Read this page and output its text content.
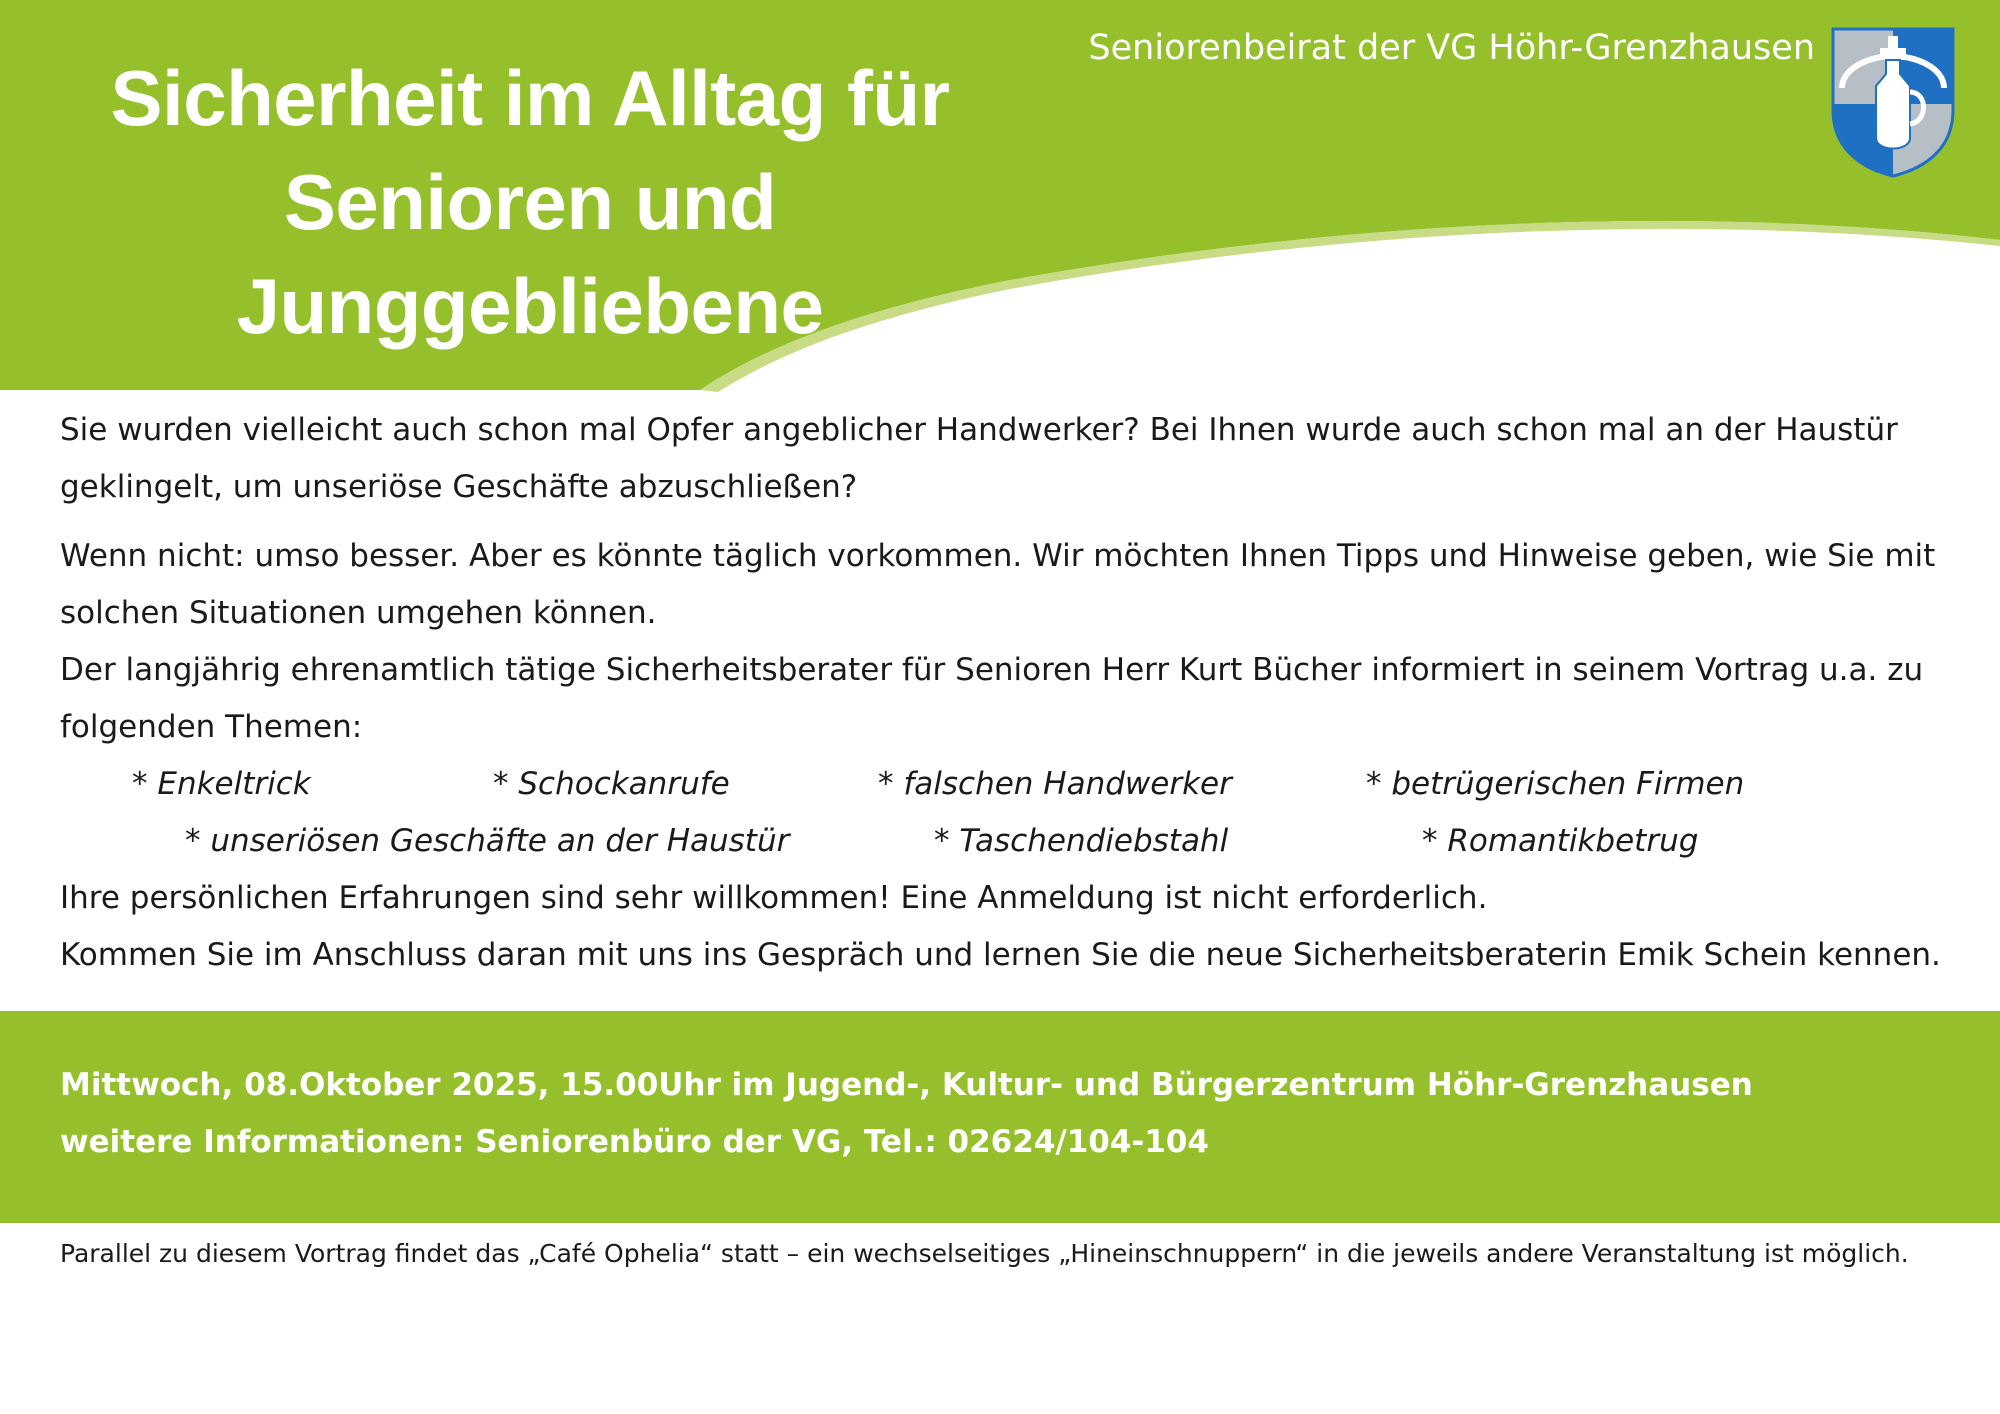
Sicherheit im Alltag für
Senioren und
Junggebliebene
Seniorenbeirat der VG Höhr-Grenzhausen

Sie wurden vielleicht auch schon mal Opfer angeblicher Handwerker? Bei Ihnen wurde auch schon mal an der Haustür geklingelt, um unseriöse Geschäfte abzuschließen?

Wenn nicht: umso besser. Aber es könnte täglich vorkommen. Wir möchten Ihnen Tipps und Hinweise geben, wie Sie mit solchen Situationen umgehen können.

Der langjährig ehrenamtlich tätige Sicherheitsberater für Senioren Herr Kurt Bücher informiert in seinem Vortrag u.a. zu folgenden Themen:

* Enkeltrick	* Schockanrufe	* falschen Handwerker	* betrügerischen Firmen
* unseriösen Geschäfte an der Haustür	* Taschendiebstahl	* Romantikbetrug

Ihre persönlichen Erfahrungen sind sehr willkommen! Eine Anmeldung ist nicht erforderlich.

Kommen Sie im Anschluss daran mit uns ins Gespräch und lernen Sie die neue Sicherheitsberaterin Emik Schein kennen.

Mittwoch, 08.Oktober 2025, 15.00Uhr im Jugend-, Kultur- und Bürgerzentrum Höhr-Grenzhausen
weitere Informationen: Seniorenbüro der VG, Tel.: 02624/104-104
Parallel zu diesem Vortrag findet das „Café Ophelia“ statt – ein wechselseitiges „Hineinschnuppern“ in die jeweils andere Veranstaltung ist möglich.
